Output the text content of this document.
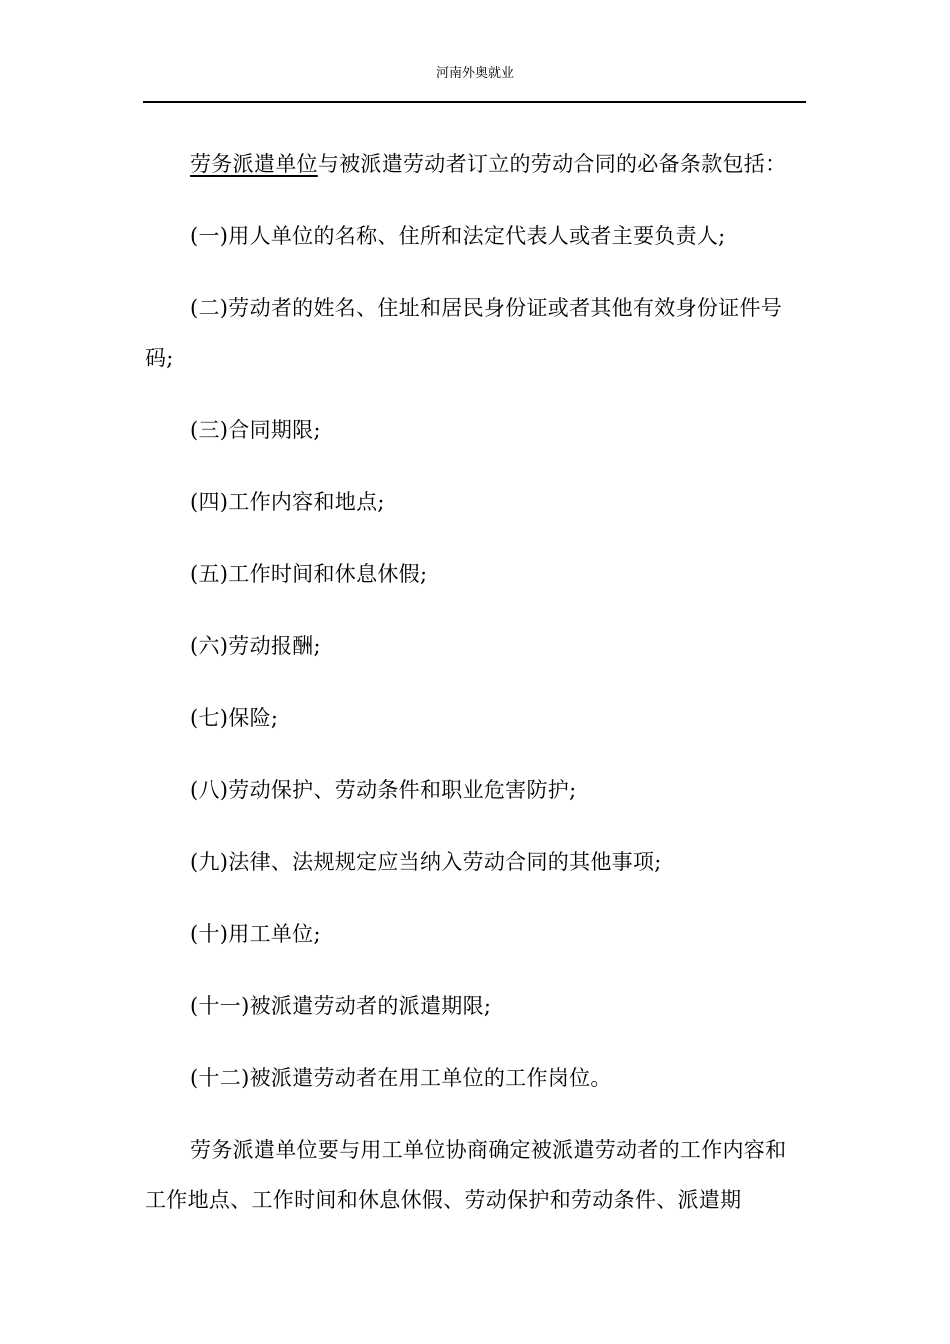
河南外奥就业

劳务派遣单位与被派遣劳动者订立的劳动合同的必备条款包括：

(一)用人单位的名称、住所和法定代表人或者主要负责人;

(二)劳动者的姓名、住址和居民身份证或者其他有效身份证件号码;

(三)合同期限;

(四)工作内容和地点;

(五)工作时间和休息休假;

(六)劳动报酬;

(七)保险;

(八)劳动保护、劳动条件和职业危害防护;

(九)法律、法规规定应当纳入劳动合同的其他事项;

(十)用工单位;

(十一)被派遣劳动者的派遣期限;

(十二)被派遣劳动者在用工单位的工作岗位。

劳务派遣单位要与用工单位协商确定被派遣劳动者的工作内容和工作地点、工作时间和休息休假、劳动保护和劳动条件、派遣期
